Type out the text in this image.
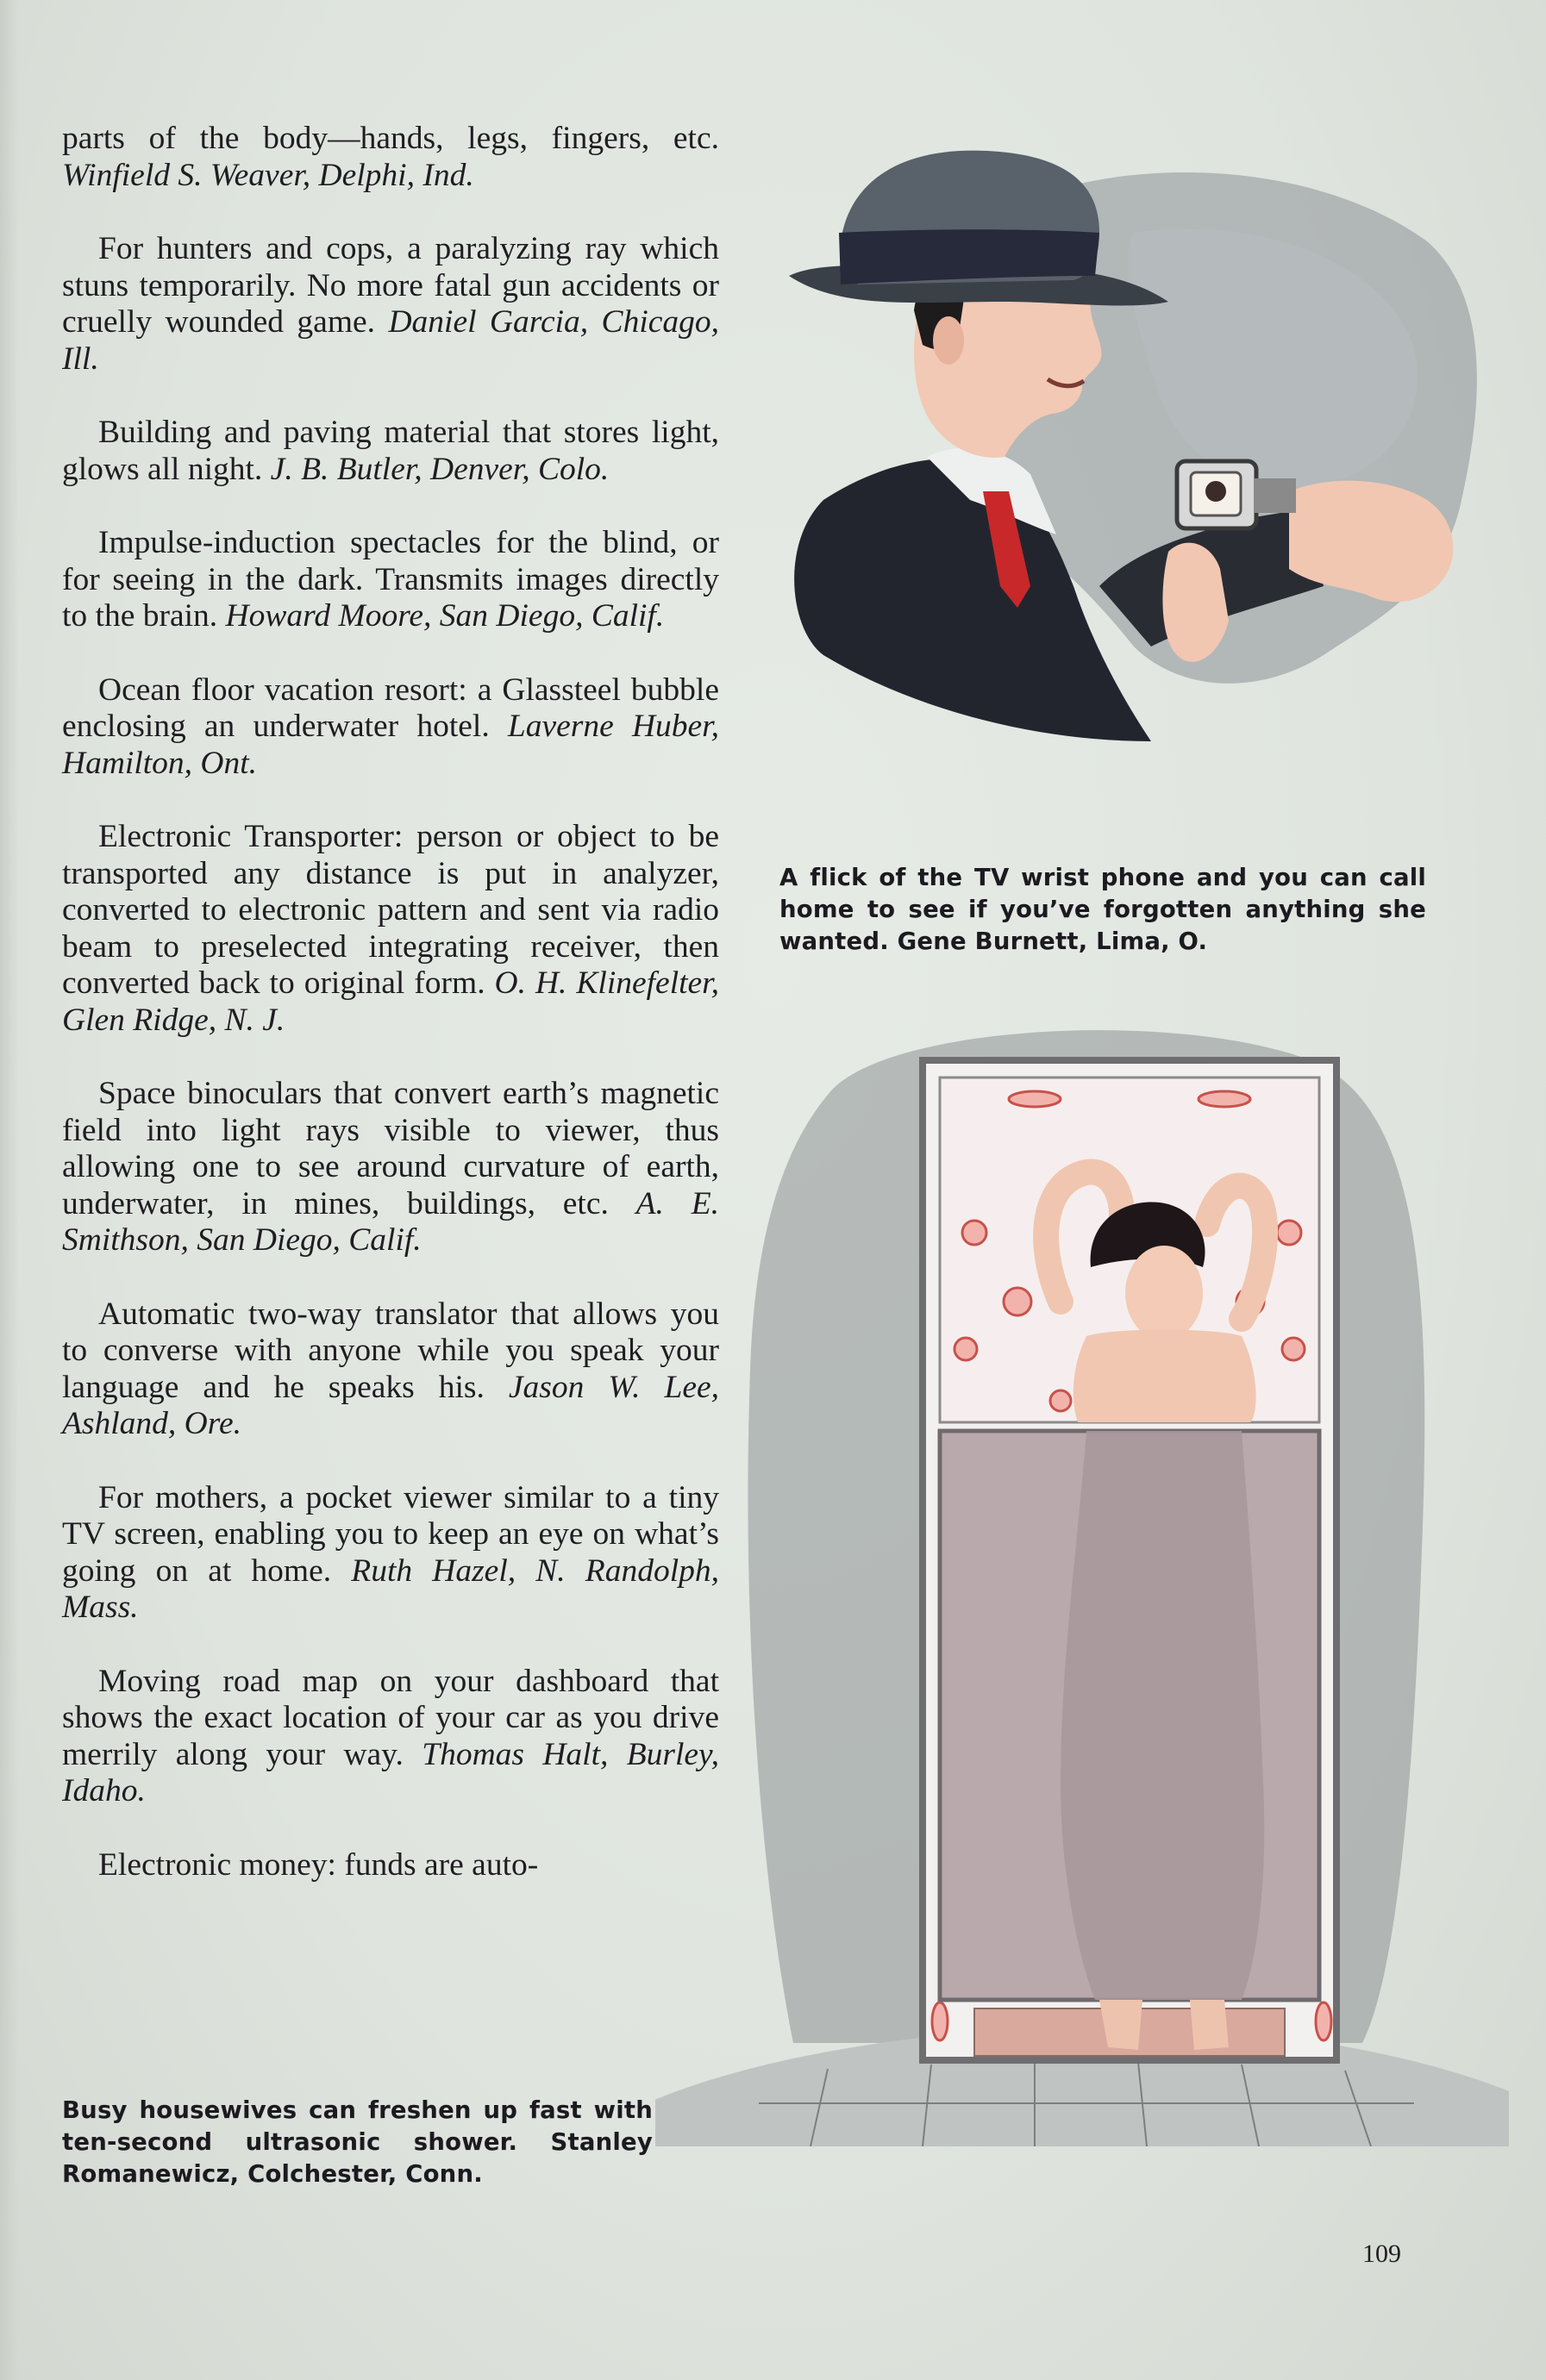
parts of the body—hands, legs, fingers, etc. Winfield S. Weaver, Delphi, Ind.

For hunters and cops, a paralyzing ray which stuns temporarily. No more fatal gun accidents or cruelly wounded game. Daniel Garcia, Chicago, Ill.

Building and paving material that stores light, glows all night. J. B. Butler, Denver, Colo.

Impulse-induction spectacles for the blind, or for seeing in the dark. Transmits images directly to the brain. Howard Moore, San Diego, Calif.

Ocean floor vacation resort: a Glassteel bubble enclosing an underwater hotel. Laverne Huber, Hamilton, Ont.

Electronic Transporter: person or object to be transported any distance is put in analyzer, converted to electronic pattern and sent via radio beam to preselected integrating receiver, then converted back to original form. O. H. Klinefelter, Glen Ridge, N. J.

Space binoculars that convert earth’s magnetic field into light rays visible to viewer, thus allowing one to see around curvature of earth, underwater, in mines, buildings, etc. A. E. Smithson, San Diego, Calif.

Automatic two-way translator that allows you to converse with anyone while you speak your language and he speaks his. Jason W. Lee, Ashland, Ore.

For mothers, a pocket viewer similar to a tiny TV screen, enabling you to keep an eye on what’s going on at home. Ruth Hazel, N. Randolph, Mass.

Moving road map on your dashboard that shows the exact location of your car as you drive merrily along your way. Thomas Halt, Burley, Idaho.

Electronic money: funds are auto-

A flick of the TV wrist phone and you can call home to see if you’ve forgotten anything she wanted. Gene Burnett, Lima, O.
Busy housewives can freshen up fast with ten-second ultrasonic shower. Stanley Romanewicz, Colchester, Conn.
109
